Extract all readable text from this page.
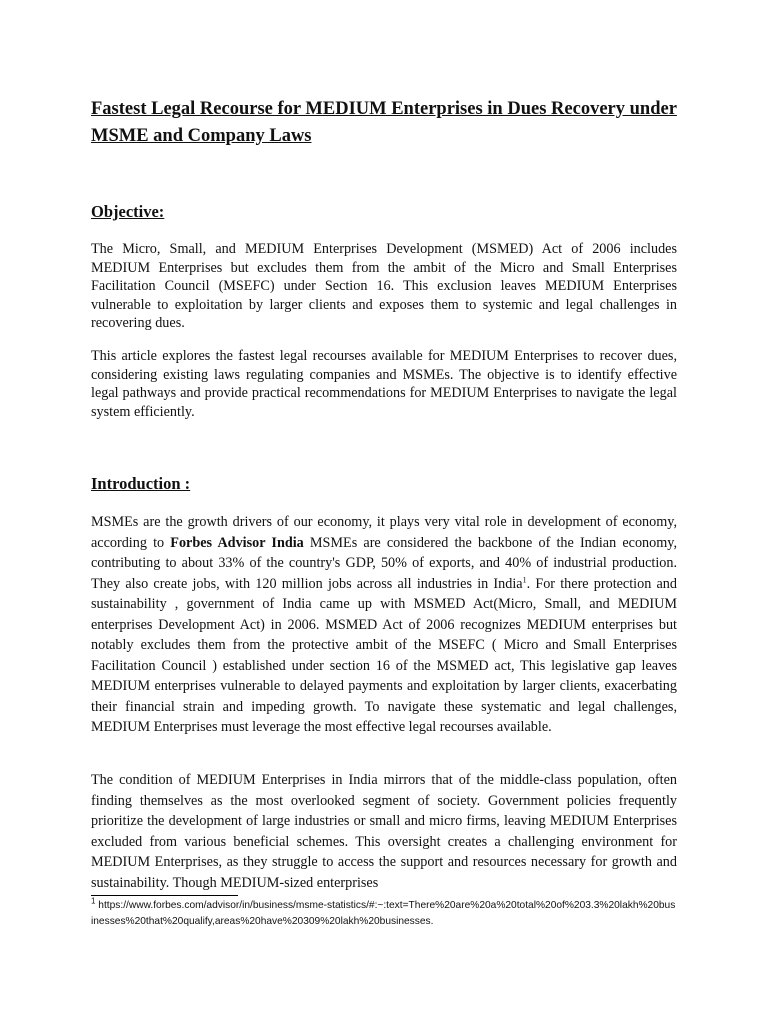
Fastest Legal Recourse for MEDIUM Enterprises in Dues Recovery under MSME and Company Laws
Objective:

The Micro, Small, and MEDIUM Enterprises Development (MSMED) Act of 2006 includes MEDIUM Enterprises but excludes them from the ambit of the Micro and Small Enterprises Facilitation Council (MSEFC) under Section 16. This exclusion leaves MEDIUM Enterprises vulnerable to exploitation by larger clients and exposes them to systemic and legal challenges in recovering dues.

This article explores the fastest legal recourses available for MEDIUM Enterprises to recover dues, considering existing laws regulating companies and MSMEs. The objective is to identify effective legal pathways and provide practical recommendations for MEDIUM Enterprises to navigate the legal system efficiently.

Introduction :

MSMEs are the growth drivers of our economy, it plays very vital role in development of economy, according to Forbes Advisor India MSMEs are considered the backbone of the Indian economy, contributing to about 33% of the country's GDP, 50% of exports, and 40% of industrial production. They also create jobs, with 120 million jobs across all industries in India$^1$. For there protection and sustainability , government of India came up with MSMED Act(Micro, Small, and MEDIUM enterprises Development Act) in 2006. MSMED Act of 2006 recognizes MEDIUM enterprises but notably excludes them from the protective ambit of the MSEFC ( Micro and Small Enterprises Facilitation Council ) established under section 16 of the MSMED act, This legislative gap leaves MEDIUM enterprises vulnerable to delayed payments and exploitation by larger clients, exacerbating their financial strain and impeding growth. To navigate these systematic and legal challenges, MEDIUM Enterprises must leverage the most effective legal recourses available.

The condition of MEDIUM Enterprises in India mirrors that of the middle-class population, often finding themselves as the most overlooked segment of society. Government policies frequently prioritize the development of large industries or small and micro firms, leaving MEDIUM Enterprises excluded from various beneficial schemes. This oversight creates a challenging environment for MEDIUM Enterprises, as they struggle to access the support and resources necessary for growth and sustainability. Though MEDIUM-sized enterprises

$^1$ https://www.forbes.com/advisor/in/business/msme-statistics/#:~:text=There%20are%20a%20total%20of%203.3%20lakh%20businesses%20that%20qualify,areas%20have%20309%20lakh%20businesses.
